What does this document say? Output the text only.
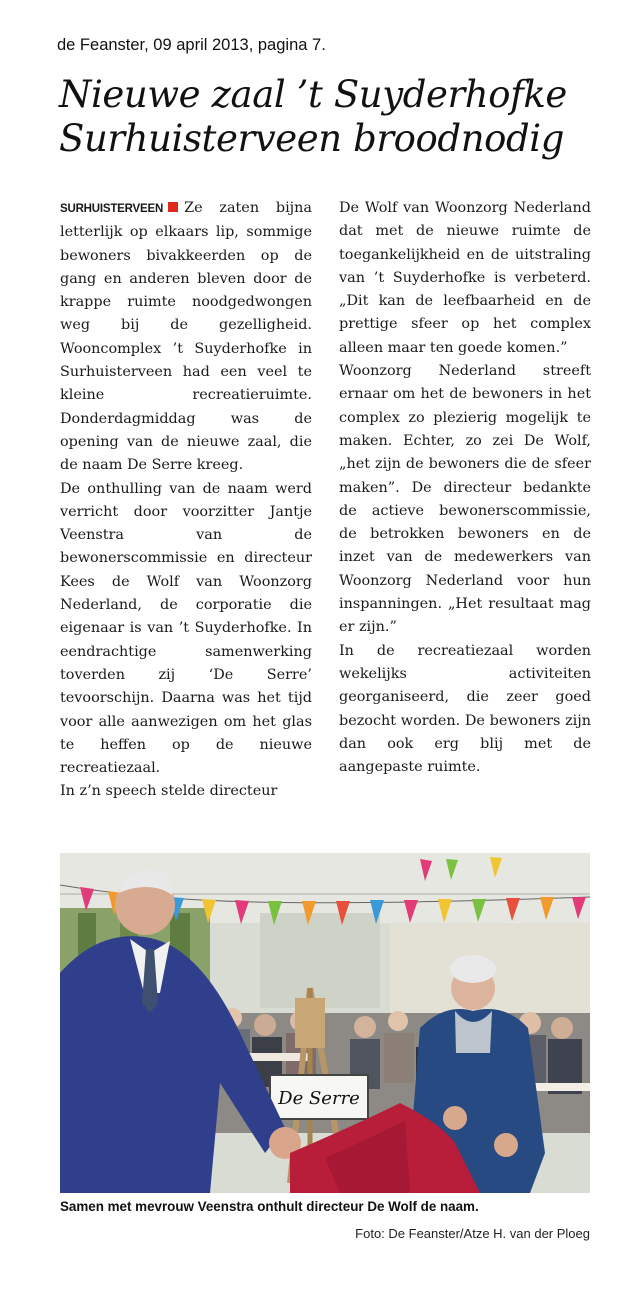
de Feanster, 09 april 2013, pagina 7.
Nieuwe zaal ’t Suyderhofke
Surhuisterveen broodnodig

SURHUISTERVEEN Ze zaten bijna letterlijk op elkaars lip, sommige bewoners bivakkeerden op de gang en anderen bleven door de krappe ruimte noodgedwongen weg bij de gezelligheid. Wooncomplex ’t Suyderhofke in Surhuisterveen had een veel te kleine recreatieruimte. Donderdagmiddag was de opening van de nieuwe zaal, die de naam De Serre kreeg.

De onthulling van de naam werd verricht door voorzitter Jantje Veenstra van de bewonerscommissie en directeur Kees de Wolf van Woonzorg Nederland, de corporatie die eigenaar is van ’t Suyderhofke. In eendrachtige samenwerking toverden zij ‘De Serre’ tevoorschijn. Daarna was het tijd voor alle aanwezigen om het glas te heffen op de nieuwe recreatiezaal.

In z’n speech stelde directeur

De Wolf van Woonzorg Nederland dat met de nieuwe ruimte de toegankelijkheid en de uitstraling van ’t Suyderhofke is verbeterd. „Dit kan de leefbaarheid en de prettige sfeer op het complex alleen maar ten goede komen.”

Woonzorg Nederland streeft ernaar om het de bewoners in het complex zo plezierig mogelijk te maken. Echter, zo zei De Wolf, „het zijn de bewoners die de sfeer maken”. De directeur bedankte de actieve bewonerscommissie, de betrokken bewoners en de inzet van de medewerkers van Woonzorg Nederland voor hun inspanningen. „Het resultaat mag er zijn.”

In de recreatiezaal worden wekelijks activiteiten georganiseerd, die zeer goed bezocht worden. De bewoners zijn dan ook erg blij met de aangepaste ruimte.

De Serre
Samen met mevrouw Veenstra onthult directeur De Wolf de naam.
Foto: De Feanster/Atze H. van der Ploeg
